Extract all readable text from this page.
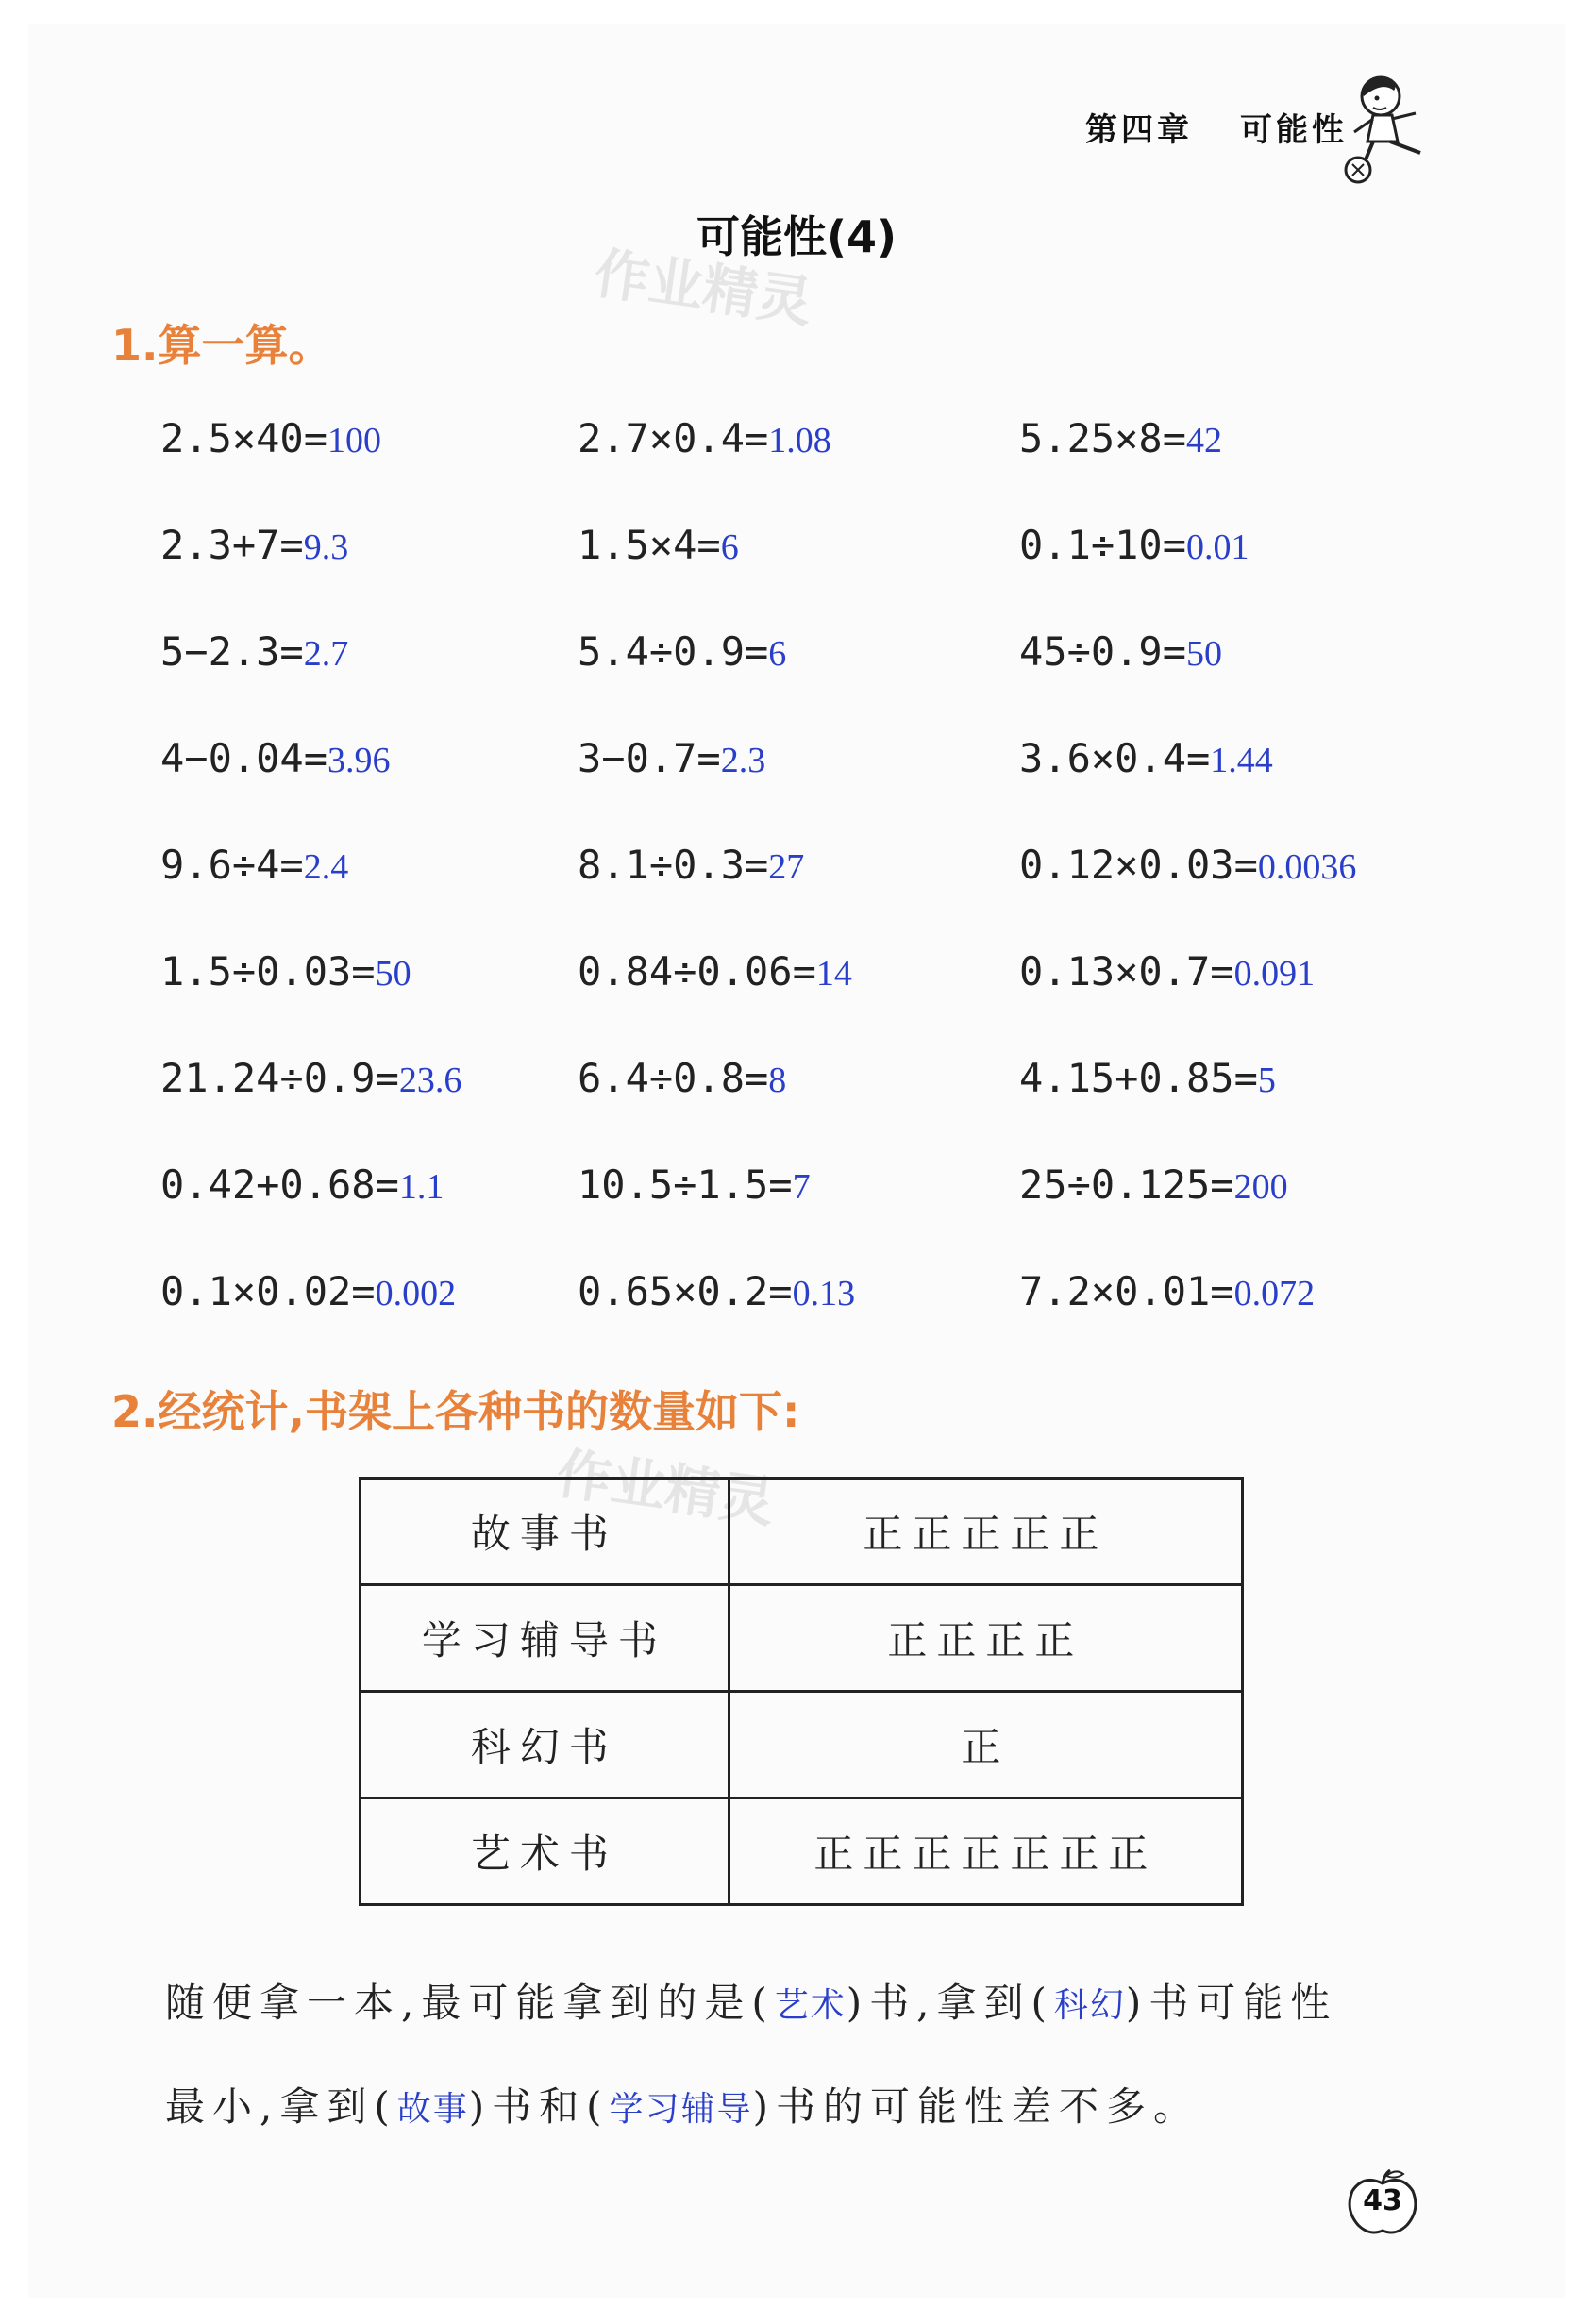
第四章 可能性
可能性(4)
作业精灵
作业精灵
1.算一算。
2.5×40=100	2.7×0.4=1.08	5.25×8=42
2.3+7=9.3	1.5×4=6	0.1÷10=0.01
5−2.3=2.7	5.4÷0.9=6	45÷0.9=50
4−0.04=3.96	3−0.7=2.3	3.6×0.4=1.44
9.6÷4=2.4	8.1÷0.3=27	0.12×0.03=0.0036
1.5÷0.03=50	0.84÷0.06=14	0.13×0.7=0.091
21.24÷0.9=23.6	6.4÷0.8=8	4.15+0.85=5
0.42+0.68=1.1	10.5÷1.5=7	25÷0.125=200
0.1×0.02=0.002	0.65×0.2=0.13	7.2×0.01=0.072
2.经统计,书架上各种书的数量如下:
故事书	正正正正正
学习辅导书	正正正正
科幻书	正
艺术书	正正正正正正正
随便拿一本,最可能拿到的是(艺术)书,拿到(科幻)书可能性
最小,拿到(故事)书和(学习辅导)书的可能性差不多。
43
